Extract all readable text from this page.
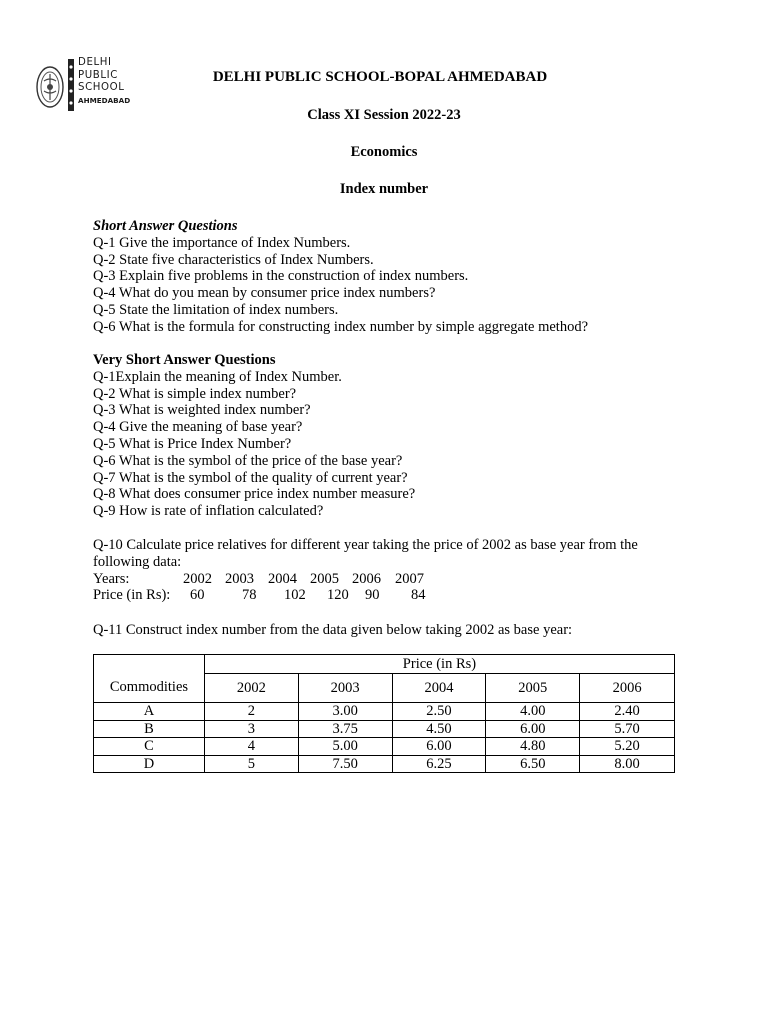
DELHI
PUBLIC
SCHOOL
AHMEDABAD
DELHI PUBLIC SCHOOL-BOPAL AHMEDABAD
Class XI Session 2022-23
Economics
Index number
Short Answer Questions
Q-1 Give the importance of Index Numbers.
Q-2 State five characteristics of Index Numbers.
Q-3 Explain five problems in the construction of index numbers.
Q-4 What do you mean by consumer price index numbers?
Q-5 State the limitation of index numbers.
Q-6 What is the formula for constructing index number by simple aggregate method?
Very Short Answer Questions
Q-1Explain the meaning of Index Number.
Q-2 What is simple index number?
Q-3 What is weighted index number?
Q-4 Give the meaning of base year?
Q-5 What is Price Index Number?
Q-6 What is the symbol of the price of the base year?
Q-7 What is the symbol of the quality of current year?
Q-8 What does consumer price index number measure?
Q-9 How is rate of inflation calculated?
Q-10 Calculate price relatives for different year taking the price of 2002 as base year from the
following data:
Years:	2002 2003 2004 2005 2006 2007
Price (in Rs): 60	78 102 120 90 84
Q-11 Construct index number from the data given below taking 2002 as base year:
	Price (in Rs)				
Commodities	2002	2003	2004	2005	2006
A	2	3.00	2.50	4.00	2.40
B	3	3.75	4.50	6.00	5.70
C	4	5.00	6.00	4.80	5.20
D	5	7.50	6.25	6.50	8.00
